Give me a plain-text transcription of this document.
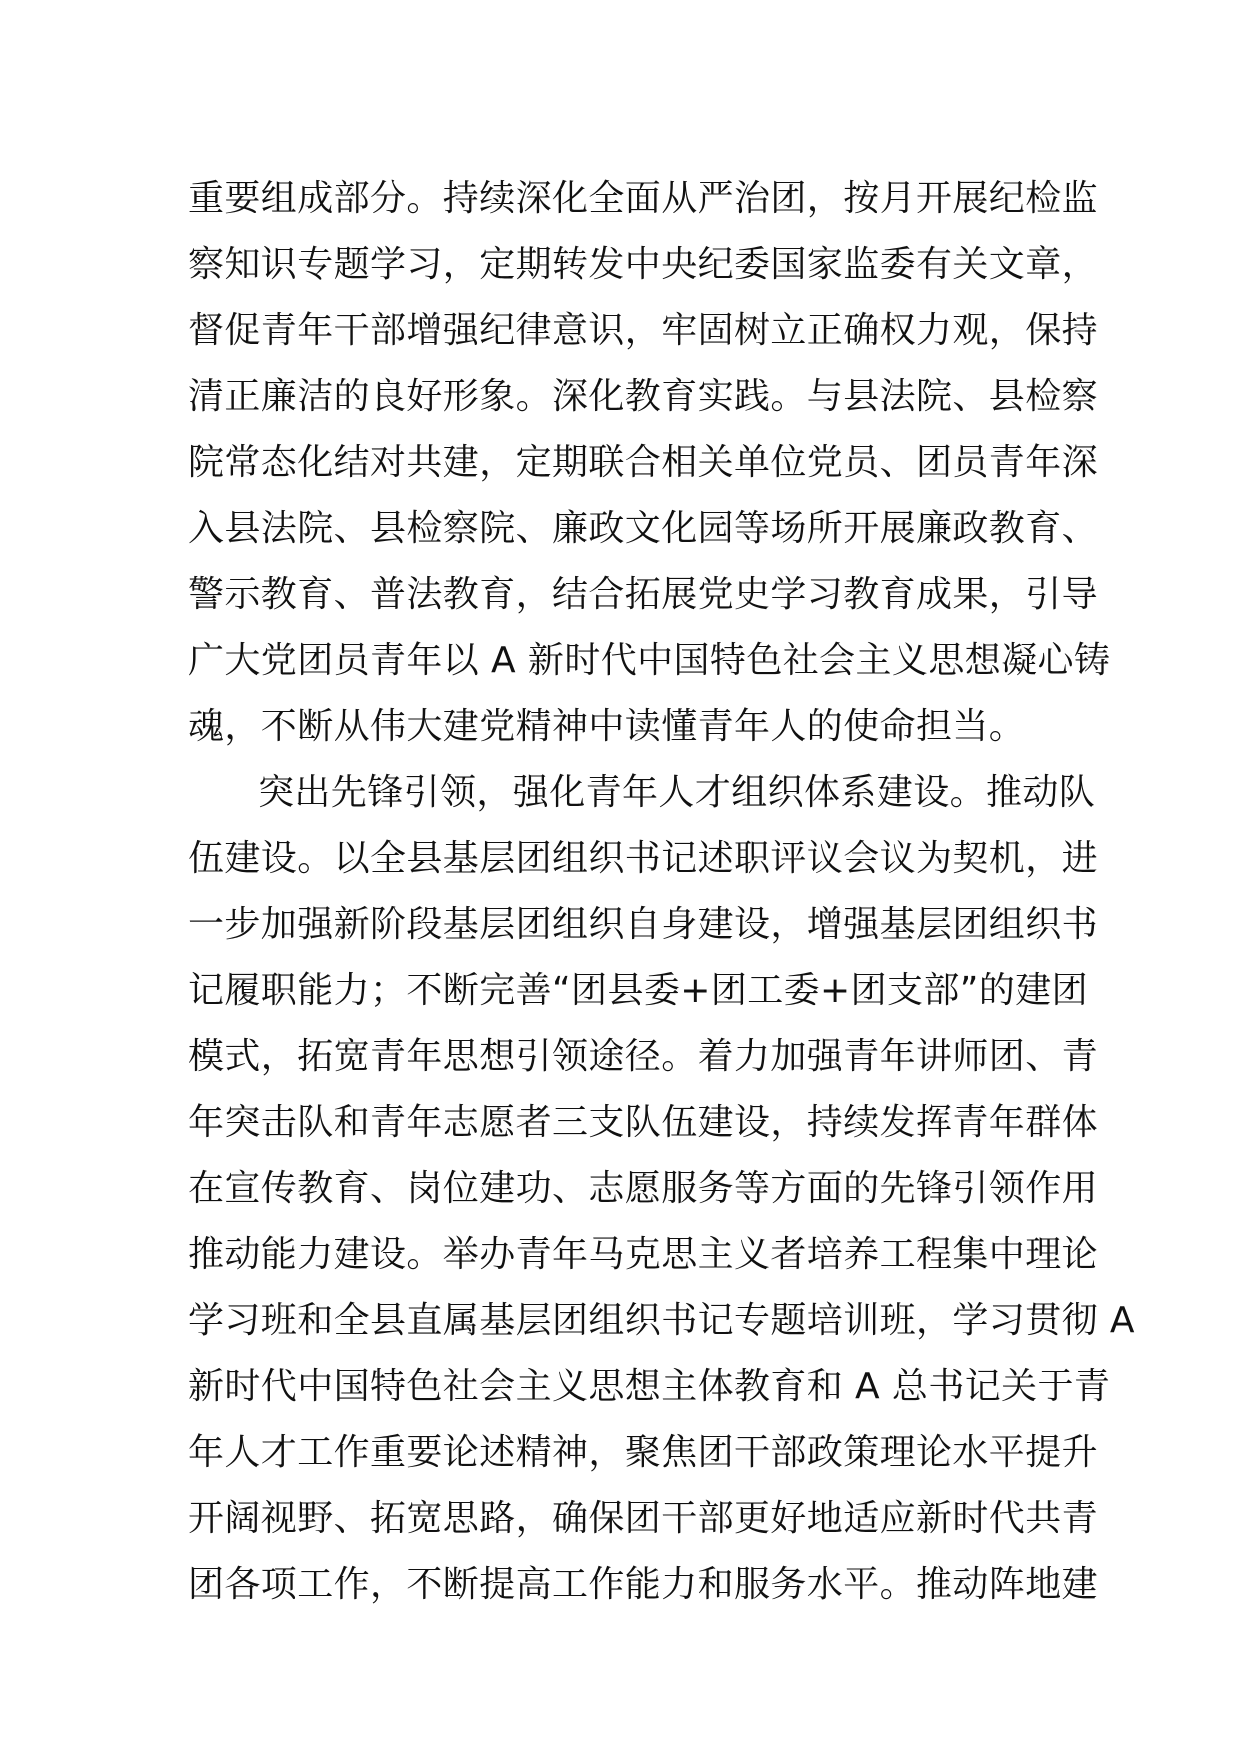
重要组成部分。持续深化全面从严治团，按月开展纪检监
察知识专题学习，定期转发中央纪委国家监委有关文章，
督促青年干部增强纪律意识，牢固树立正确权力观，保持
清正廉洁的良好形象。深化教育实践。与县法院、县检察
院常态化结对共建，定期联合相关单位党员、团员青年深
入县法院、县检察院、廉政文化园等场所开展廉政教育、
警示教育、普法教育，结合拓展党史学习教育成果，引导
广大党团员青年以 A 新时代中国特色社会主义思想凝心铸
魂，不断从伟大建党精神中读懂青年人的使命担当。
突出先锋引领，强化青年人才组织体系建设。推动队
伍建设。以全县基层团组织书记述职评议会议为契机，进
一步加强新阶段基层团组织自身建设，增强基层团组织书
记履职能力；不断完善“团县委+团工委+团支部”的建团
模式，拓宽青年思想引领途径。着力加强青年讲师团、青
年突击队和青年志愿者三支队伍建设，持续发挥青年群体
在宣传教育、岗位建功、志愿服务等方面的先锋引领作用
推动能力建设。举办青年马克思主义者培养工程集中理论
学习班和全县直属基层团组织书记专题培训班，学习贯彻 A
新时代中国特色社会主义思想主体教育和 A 总书记关于青
年人才工作重要论述精神，聚焦团干部政策理论水平提升
开阔视野、拓宽思路，确保团干部更好地适应新时代共青
团各项工作，不断提高工作能力和服务水平。推动阵地建
